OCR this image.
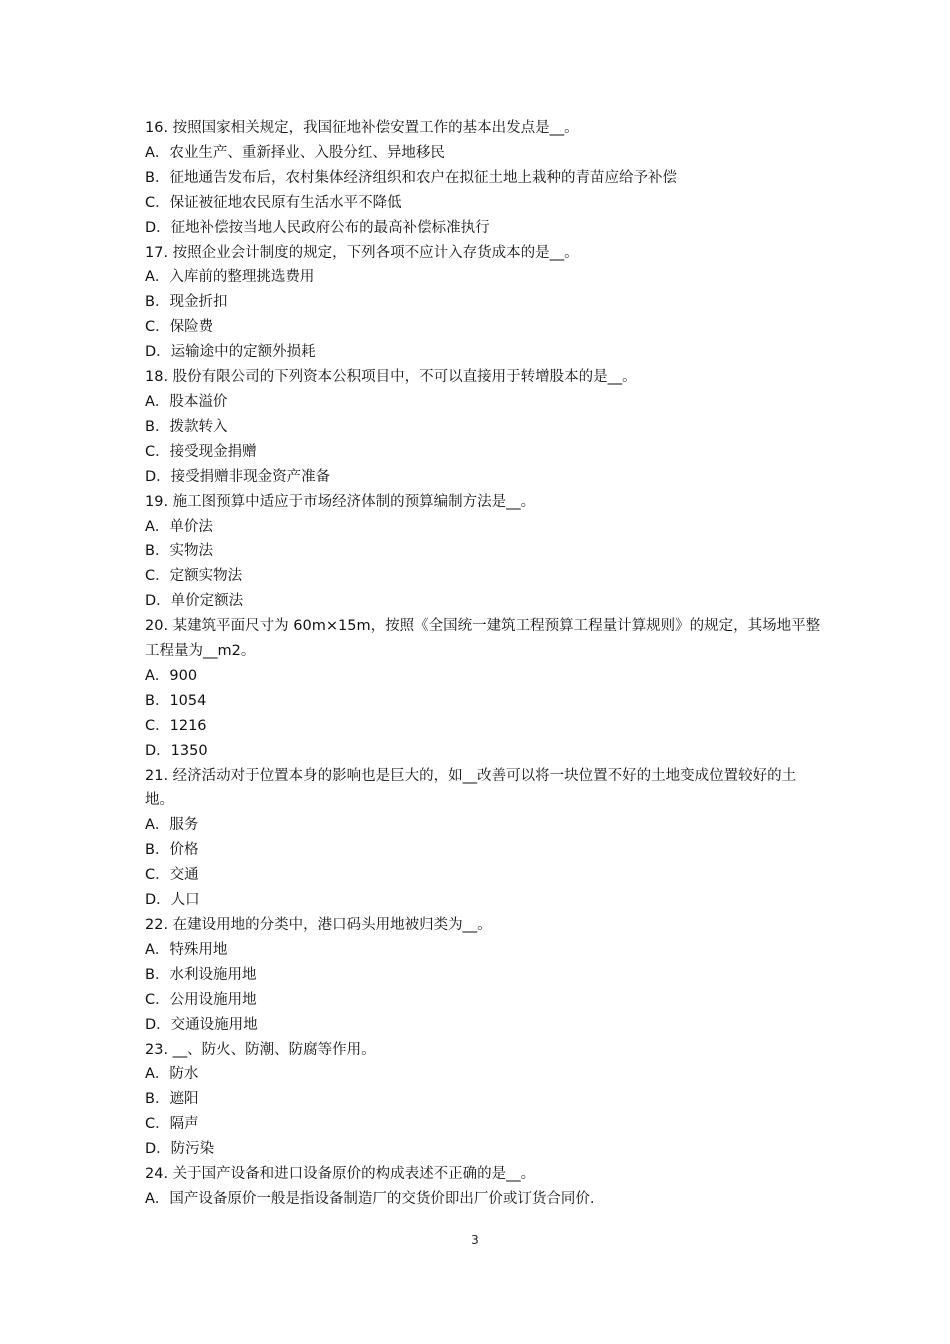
16. 按照国家相关规定，我国征地补偿安置工作的基本出发点是__。
A．农业生产、重新择业、入股分红、异地移民
B．征地通告发布后，农村集体经济组织和农户在拟征土地上栽种的青苗应给予补偿
C．保证被征地农民原有生活水平不降低
D．征地补偿按当地人民政府公布的最高补偿标准执行
17. 按照企业会计制度的规定，下列各项不应计入存货成本的是__。
A．入库前的整理挑选费用
B．现金折扣
C．保险费
D．运输途中的定额外损耗
18. 股份有限公司的下列资本公积项目中，不可以直接用于转增股本的是__。
A．股本溢价
B．拨款转入
C．接受现金捐赠
D．接受捐赠非现金资产准备
19. 施工图预算中适应于市场经济体制的预算编制方法是__。
A．单价法
B．实物法
C．定额实物法
D．单价定额法
20. 某建筑平面尺寸为 60m×15m，按照《全国统一建筑工程预算工程量计算规则》的规定，其场地平整工程量为__m2。
A．900
B．1054
C．1216
D．1350
21. 经济活动对于位置本身的影响也是巨大的，如__改善可以将一块位置不好的土地变成位置较好的土地。
A．服务
B．价格
C．交通
D．人口
22. 在建设用地的分类中，港口码头用地被归类为__。
A．特殊用地
B．水利设施用地
C．公用设施用地
D．交通设施用地
23. __、防火、防潮、防腐等作用。
A．防水
B．遮阳
C．隔声
D．防污染
24. 关于国产设备和进口设备原价的构成表述不正确的是__。
A．国产设备原价一般是指设备制造厂的交货价即出厂价或订货合同价.
3
